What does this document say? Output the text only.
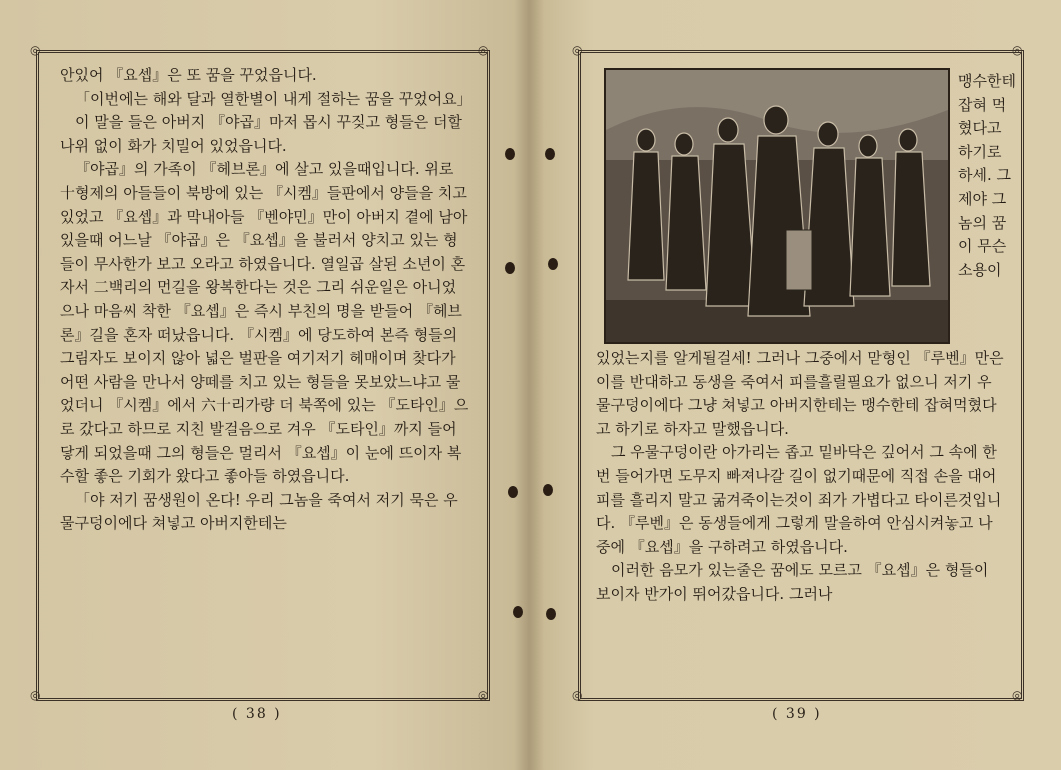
◎	◎
◎	◎

안있어 『요셉』은 또 꿈을 꾸었읍니다.

「이번에는 해와 달과 열한별이 내게 절하는 꿈을 꾸었어요」

이 말을 들은 아버지 『야곱』마저 몹시 꾸짖고 형들은 더할나위 없이 화가 치밀어 있었읍니다.

『야곱』의 가족이 『헤브론』에 살고 있을때입니다. 위로 十형제의 아들들이 북방에 있는 『시켐』들판에서 양들을 치고 있었고 『요셉』과 막내아들 『벤야민』만이 아버지 곁에 남아있을때 어느날 『야곱』은 『요셉』을 불러서 양치고 있는 형들이 무사한가 보고 오라고 하였읍니다. 열일곱 살된 소년이 혼자서 二백리의 먼길을 왕복한다는 것은 그리 쉬운일은 아니었으나 마음씨 착한 『요셉』은 즉시 부친의 명을 받들어 『헤브론』길을 혼자 떠났읍니다. 『시켐』에 당도하여 본즉 형들의 그림자도 보이지 않아 넓은 벌판을 여기저기 헤매이며 찾다가 어떤 사람을 만나서 양떼를 치고 있는 형들을 못보았느냐고 물었더니 『시켐』에서 六十리가량 더 북쪽에 있는 『도타인』으로 갔다고 하므로 지친 발걸음으로 겨우 『도타인』까지 들어닿게 되었을때 그의 형들은 멀리서 『요셉』이 눈에 뜨이자 복수할 좋은 기회가 왔다고 좋아들 하였읍니다.

「야 저기 꿈생원이 온다! 우리 그놈을 죽여서 저기 묵은 우물구덩이에다 쳐넣고 아버지한테는

( 38 )
◎	◎
◎	◎
맹수한테 잡혀 먹혔다고 하기로 하세. 그제야 그놈의 꿈이 무슨 소용이

있었는지를 알게될걸세! 그러나 그중에서 맏형인 『루벤』만은 이를 반대하고 동생을 죽여서 피를흘릴필요가 없으니 저기 우물구덩이에다 그냥 쳐넣고 아버지한테는 맹수한테 잡혀먹혔다고 하기로 하자고 말했읍니다.

그 우물구덩이란 아가리는 좁고 밑바닥은 깊어서 그 속에 한번 들어가면 도무지 빠져나갈 길이 없기때문에 직접 손을 대어 피를 흘리지 말고 굶겨죽이는것이 죄가 가볍다고 타이른것입니다. 『루벤』은 동생들에게 그렇게 말을하여 안심시켜놓고 나중에 『요셉』을 구하려고 하였읍니다.

이러한 음모가 있는줄은 꿈에도 모르고 『요셉』은 형들이 보이자 반가이 뛰어갔읍니다. 그러나

( 39 )
